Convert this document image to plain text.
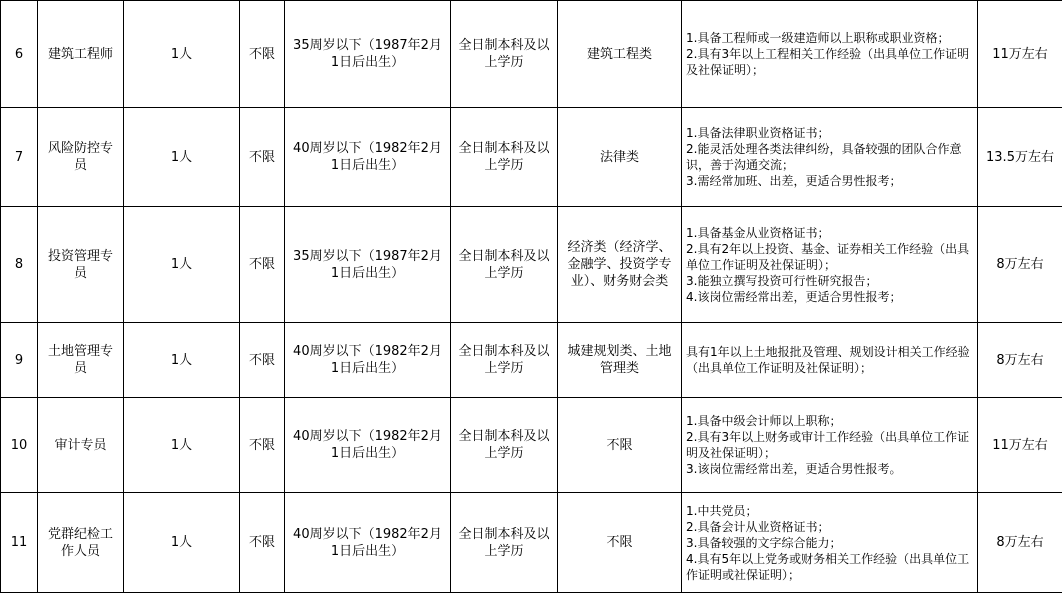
6	建筑工程师	1人	不限	35周岁以下（1987年2月1日后出生）	全日制本科及以上学历	建筑工程类	1.具备工程师或一级建造师以上职称或职业资格；
2.具有3年以上工程相关工作经验（出具单位工作证明及社保证明）；	11万左右
7	风险防控专员	1人	不限	40周岁以下（1982年2月1日后出生）	全日制本科及以上学历	法律类	1.具备法律职业资格证书；
2.能灵活处理各类法律纠纷，具备较强的团队合作意识，善于沟通交流；
3.需经常加班、出差，更适合男性报考；	13.5万左右
8	投资管理专员	1人	不限	35周岁以下（1987年2月1日后出生）	全日制本科及以上学历	经济类（经济学、金融学、投资学专业）、财务财会类	1.具备基金从业资格证书；
2.具有2年以上投资、基金、证券相关工作经验（出具单位工作证明及社保证明）；
3.能独立撰写投资可行性研究报告；
4.该岗位需经常出差，更适合男性报考；	8万左右
9	土地管理专员	1人	不限	40周岁以下（1982年2月1日后出生）	全日制本科及以上学历	城建规划类、土地管理类	具有1年以上土地报批及管理、规划设计相关工作经验（出具单位工作证明及社保证明）；	8万左右
10	审计专员	1人	不限	40周岁以下（1982年2月1日后出生）	全日制本科及以上学历	不限	1.具备中级会计师以上职称；
2.具有3年以上财务或审计工作经验（出具单位工作证明及社保证明）；
3.该岗位需经常出差，更适合男性报考。	11万左右
11	党群纪检工作人员	1人	不限	40周岁以下（1982年2月1日后出生）	全日制本科及以上学历	不限	1.中共党员；
2.具备会计从业资格证书；
3.具备较强的文字综合能力；
4.具有5年以上党务或财务相关工作经验（出具单位工作证明或社保证明）；	8万左右
